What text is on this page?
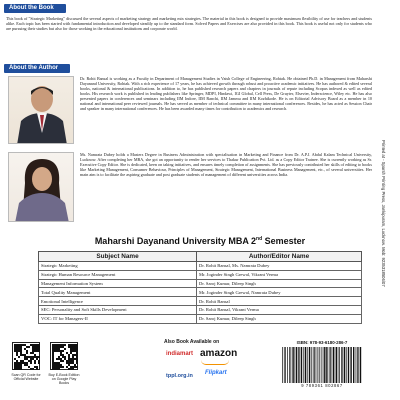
About the Book
This book of "Strategic Marketing" discussed the several aspects of marketing strategy and marketing mix strategies. The material in this book is designed to provide maximum flexibility of use for teachers and students alike. Each topic has been started with fundamental introduction and developed steadily up to the standard form. Solved Papers and Exercises are also provided in this book. This book is useful not only for students who are pursuing their studies but also for those working in the educational institutions and corporate world.
About the Author
Dr. Rohit Bansal is working as a Faculty in Department of Management Studies in Vaish College of Engineering, Rohtak. He obtained Ph.D. in Management from Maharshi Dayanand University, Rohtak. With a rich experience of 17 years, he has achieved growth through robust and proactive academic initiatives. He has authored & edited several books, national & international publications. In addition to, he has published research papers and chapters in journals of repute including Scopus indexed as well as edited books. His research work is published in leading publishers like Springer, MDPI, Hindawi, IGI Global, Cell Press, De Gruyter, Elsevier, Inderscience, Wiley etc. He has also presented papers in conferences and seminars including IIM Indore, IIM Ranchi, IIM Jammu and IIM Kozhikode. He is on Editorial Advisory Board as a member in 10 national and international peer reviewed journals. He has served as member of technical committee in many international conferences. Besides, he has acted as Session Chair and speaker in many international conferences. He has been awarded many times for contribution to academics and research.
Ms. Namrata Dubey holds a Masters Degree in Business Administration with specialisation in Marketing and Finance from Dr. A.P.J. Abdul Kalam Technical University, Lucknow. After completing her MBA, she got an opportunity to render her services to Thakur Publication Pvt. Ltd. as a Copy Editor Trainee. She is currently working as Sr. Executive Copy Editor. She is dedicated, keen on taking initiatives, and ensures timely completion of assignments. She has previously contributed her skills of editing to books like Marketing Management, Consumer Behaviour, Principles of Management, Strategic Management, International Business Management, etc., of several universities. Her main aim is to facilitate the aspiring graduate and post graduate students of management of different universities across India.	Printed at - Sparsh Printing Press, Jankipuram, Lucknow. Mob: 9235318506/07
Maharshi Dayanand University MBA 2nd Semester
Subject Name	Author/Editor Name
Strategic Marketing	Dr. Rohit Bansal, Ms. Namrata Dubey
Strategic Human Resource Management	Mr. Joginder Singh Grewal, Vikrant Verma
Management Information System	Dr. Saroj Kumar, Dileep Singh
Total Quality Management	Mr. Joginder Singh Grewal, Namrata Dubey
Emotional Intelligence	Dr. Rohit Bansal
SEC: Personality and Soft Skills Development	Dr. Rohit Bansal, Vikrant Verma
VOC: IT for Managers-II	Dr. Saroj Kumar, Dileep Singh
Scan QR Code for Official Website
Buy E-Book Edition on Google Play Books
Also Book Available on
indiamart amazon
tppl.org.in Flipkart
ISBN: 978-93-6180-286-7
9 789361 802867
